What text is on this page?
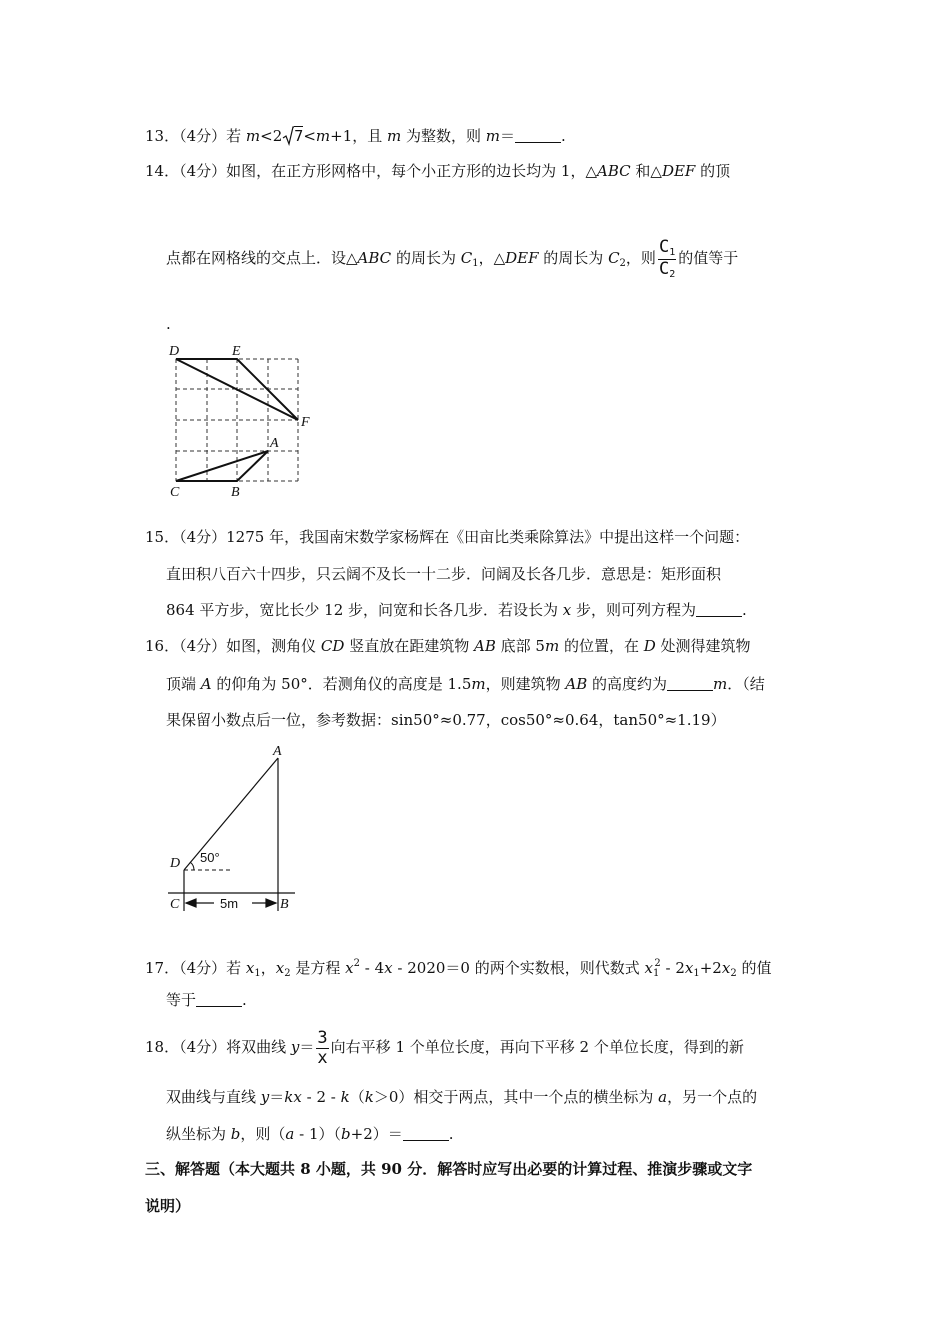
13．（4分）若 m<2 7<m+1，且 m 为整数，则 m＝	.
14．（4分）如图，在正方形网格中，每个小正方形的边长均为 1，△ABC 和△DEF 的顶
点都在网格线的交点上．设△ABC 的周长为 $C_1$，△DEF 的周长为 $C_2$，则 $\frac{C_1}{C_2}$ 的值等于
.
D	E
F
A
B
C
15．（4分）1275 年，我国南宋数学家杨辉在《田亩比类乘除算法》中提出这样一个问题：
直田积八百六十四步，只云阔不及长一十二步．问阔及长各几步．意思是：矩形面积
864 平方步，宽比长少 12 步，问宽和长各几步．若设长为 x 步，则可列方程为	.
16．（4分）如图，测角仪 CD 竖直放在距建筑物 AB 底部 5m 的位置，在 D 处测得建筑物
顶端 A 的仰角为 50°．若测角仪的高度是 1.5m，则建筑物 AB 的高度约为	m．（结
果保留小数点后一位，参考数据：sin50°≈0.77，cos50°≈0.64，tan50°≈1.19）
A
D
C	B
50°
5m
17．（4分）若 $x_1$，$x_2$ 是方程 $x^2 - 4x - 2020=0$ 的两个实数根，则代数式 $x_1^2 - 2x_1+2x_2$ 的值
等于	.
18．（4分）将双曲线 $y= \frac{3}{x}$ 向右平移 1 个单位长度，再向下平移 2 个单位长度，得到的新
双曲线与直线 y＝kx - 2 - k（k＞0）相交于两点，其中一个点的横坐标为 a，另一个点的
纵坐标为 b，则（a - 1）（b+2）＝	.
三、解答题（本大题共 8 小题，共 90 分．解答时应写出必要的计算过程、推演步骤或文字
说明）
